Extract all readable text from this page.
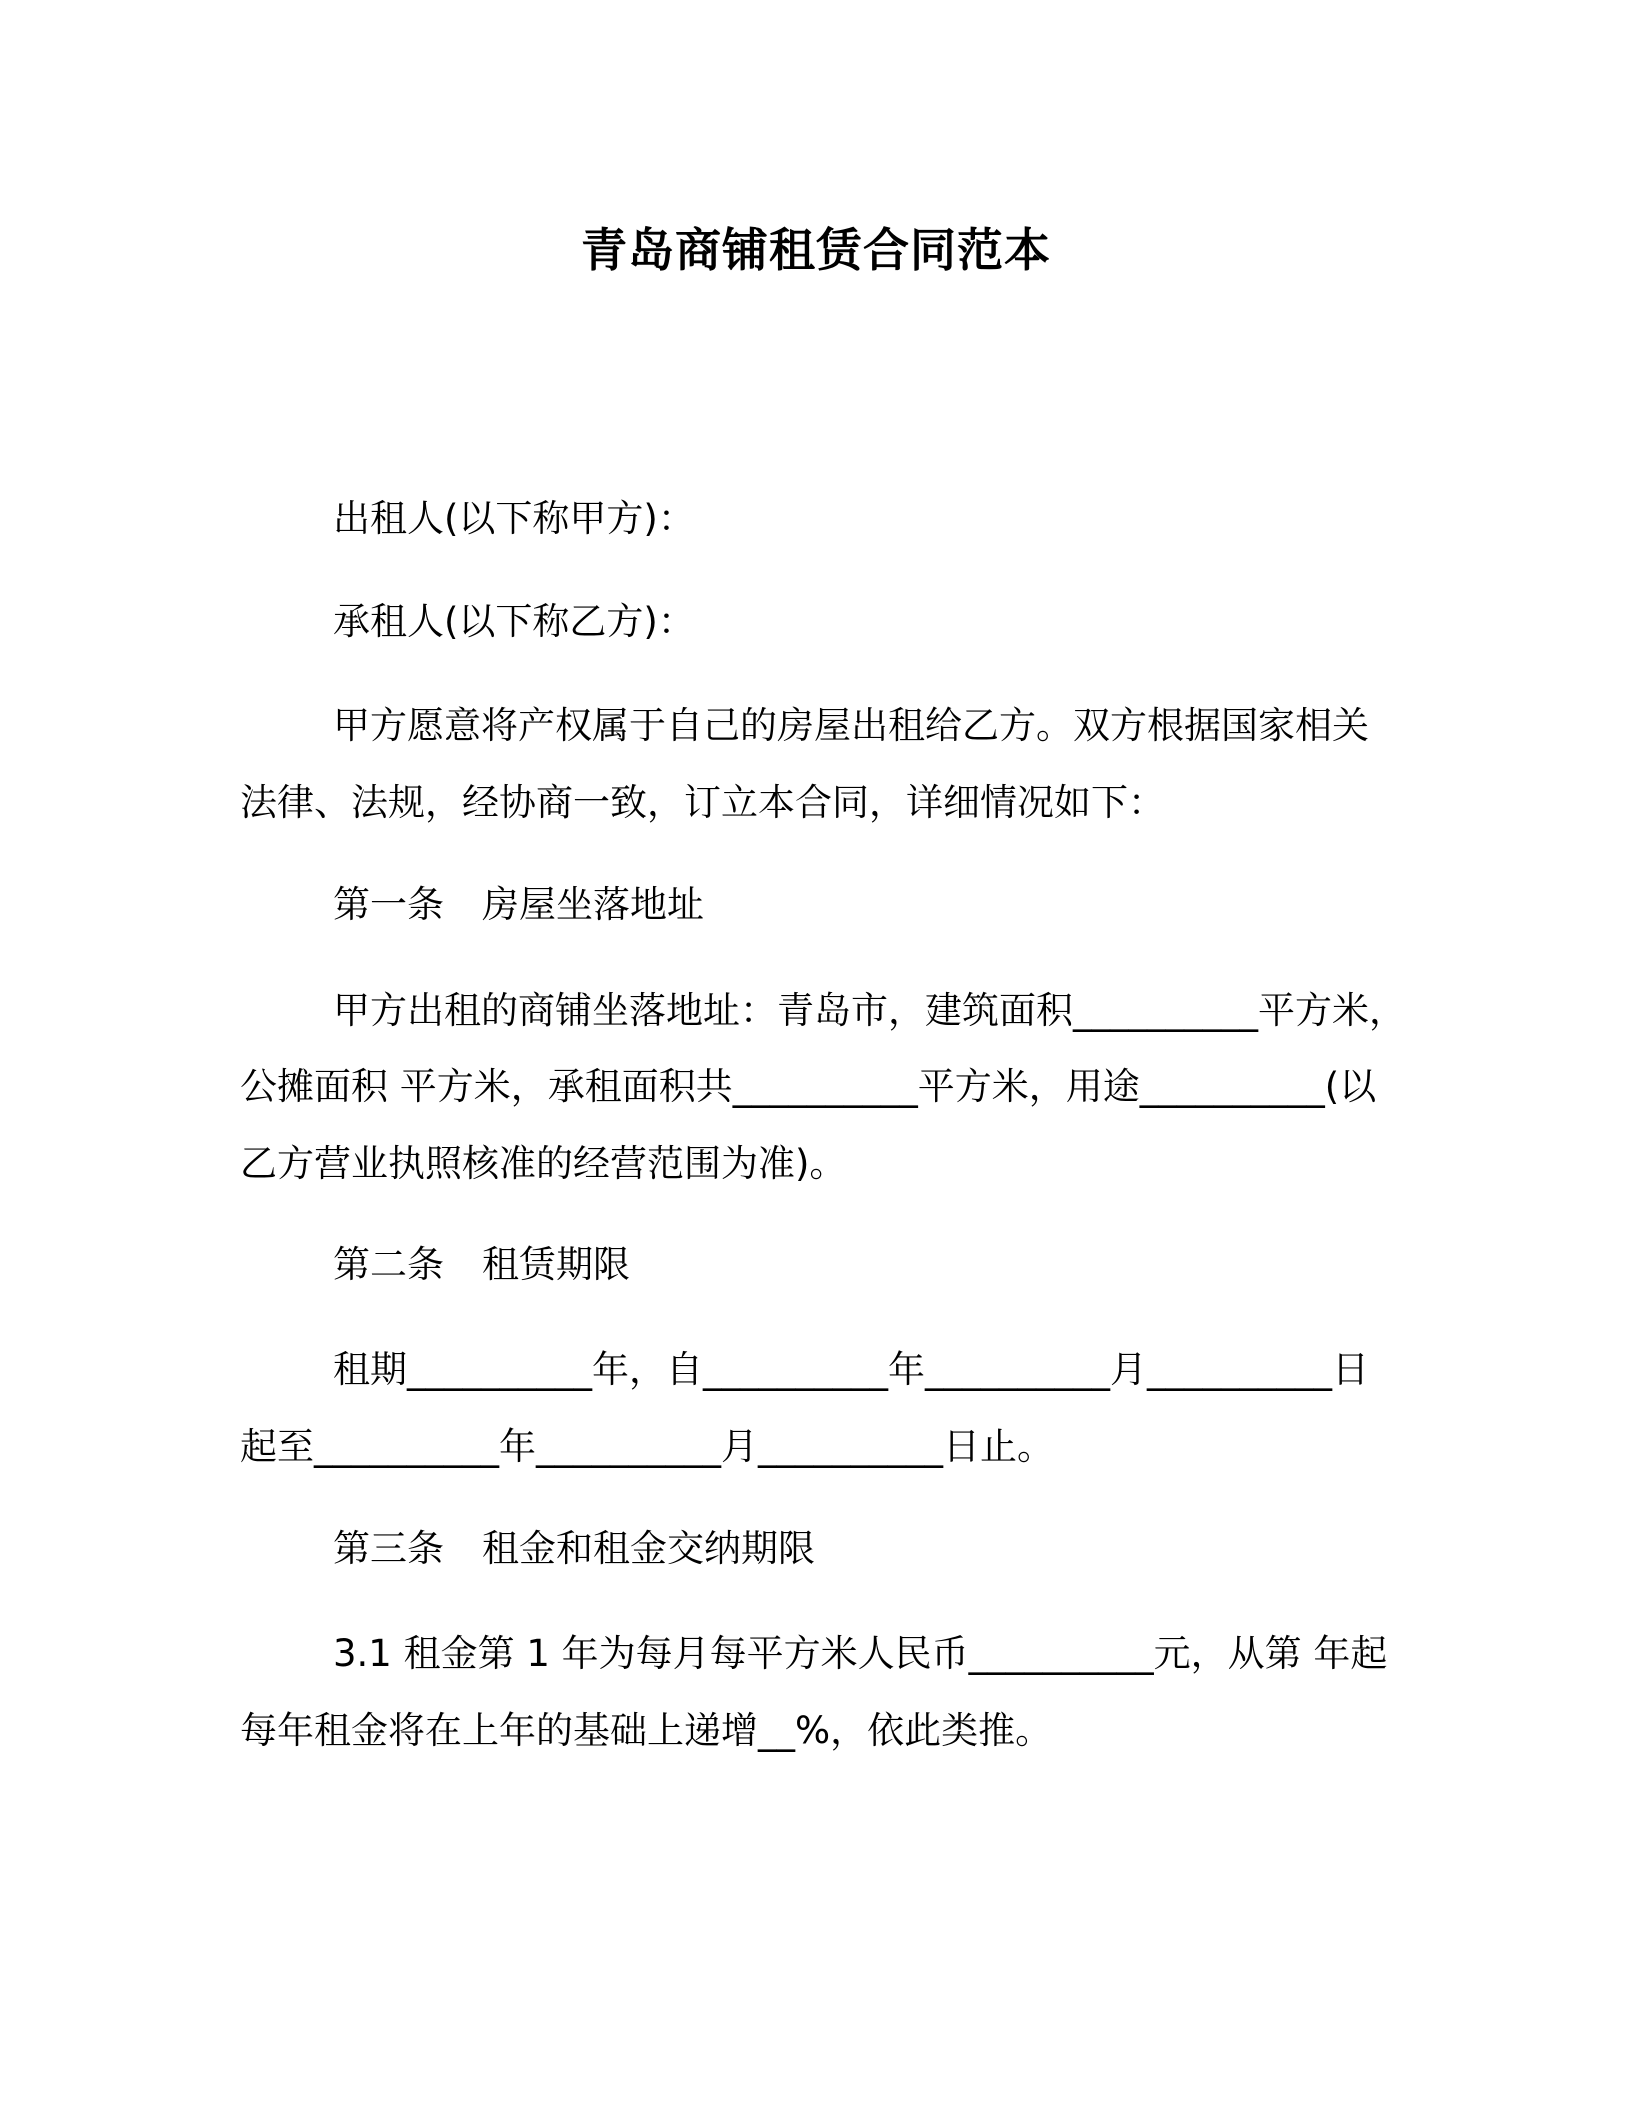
青岛商铺租赁合同范本
出租人(以下称甲方)：
承租人(以下称乙方)：
甲方愿意将产权属于自己的房屋出租给乙方。双方根据国家相关
法律、法规，经协商一致，订立本合同，详细情况如下：
第一条 房屋坐落地址
甲方出租的商铺坐落地址：青岛市，建筑面积__________平方米，
公摊面积 平方米，承租面积共__________平方米，用途__________(以
乙方营业执照核准的经营范围为准)。
第二条 租赁期限
租期__________年，自__________年__________月__________日
起至__________年__________月__________日止。
第三条 租金和租金交纳期限
3.1 租金第 1 年为每月每平方米人民币__________元，从第 年起
每年租金将在上年的基础上递增__%，依此类推。
